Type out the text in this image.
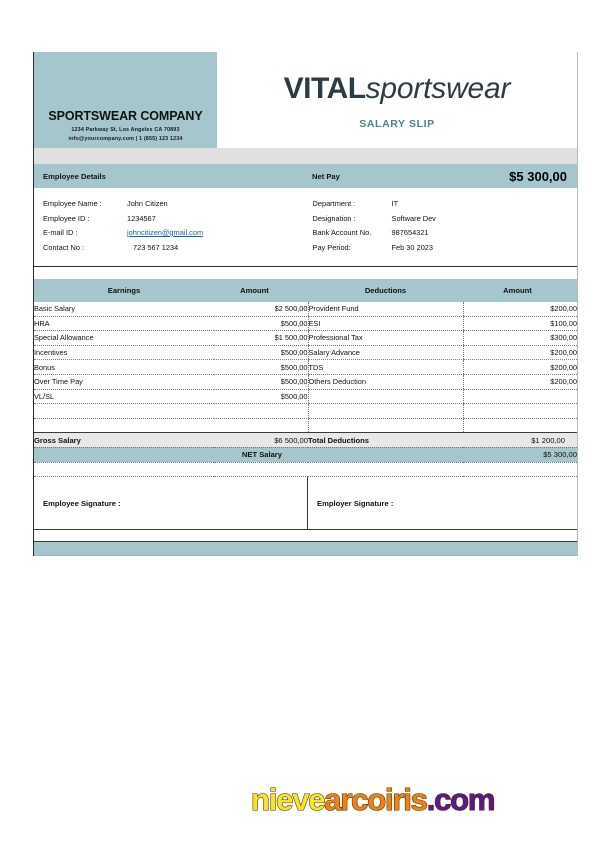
SPORTSWEAR COMPANY
1234 Parkway St, Los Angeles CA 70893
info@yourcompany.com | 1 (855) 123 1234
VITALsportswear
SALARY SLIP
Employee Details	Net Pay	$5 300,00
Employee Name :	John Citizen
Employee ID :	1234567
E-mail ID :	johncitizen@gmail.com
Contact No :	723 567 1234
Department :	IT
Designation :	Software Dev
Bank Account No.	987654321
Pay Period:	Feb 30 2023
Earnings	Amount	Deductions	Amount
Basic Salary	$2 500,00	Provident Fund	$200,00
HRA	$500,00	ESI	$100,00
Special Allowance	$1 500,00	Professional Tax	$300,00
Incentives	$500,00	Salary Advance	$200,00
Bonus	$500,00	TDS	$200,00
Over Time Pay	$500,00	Others Deduction	$200,00
VL/SL	$500,00		

Gross Salary	$6 500,00	Total Deductions	$1 200,00
	NET Salary		$5 300,00

Employee Signature :	Employer Signature :
nievearcoiris.com
